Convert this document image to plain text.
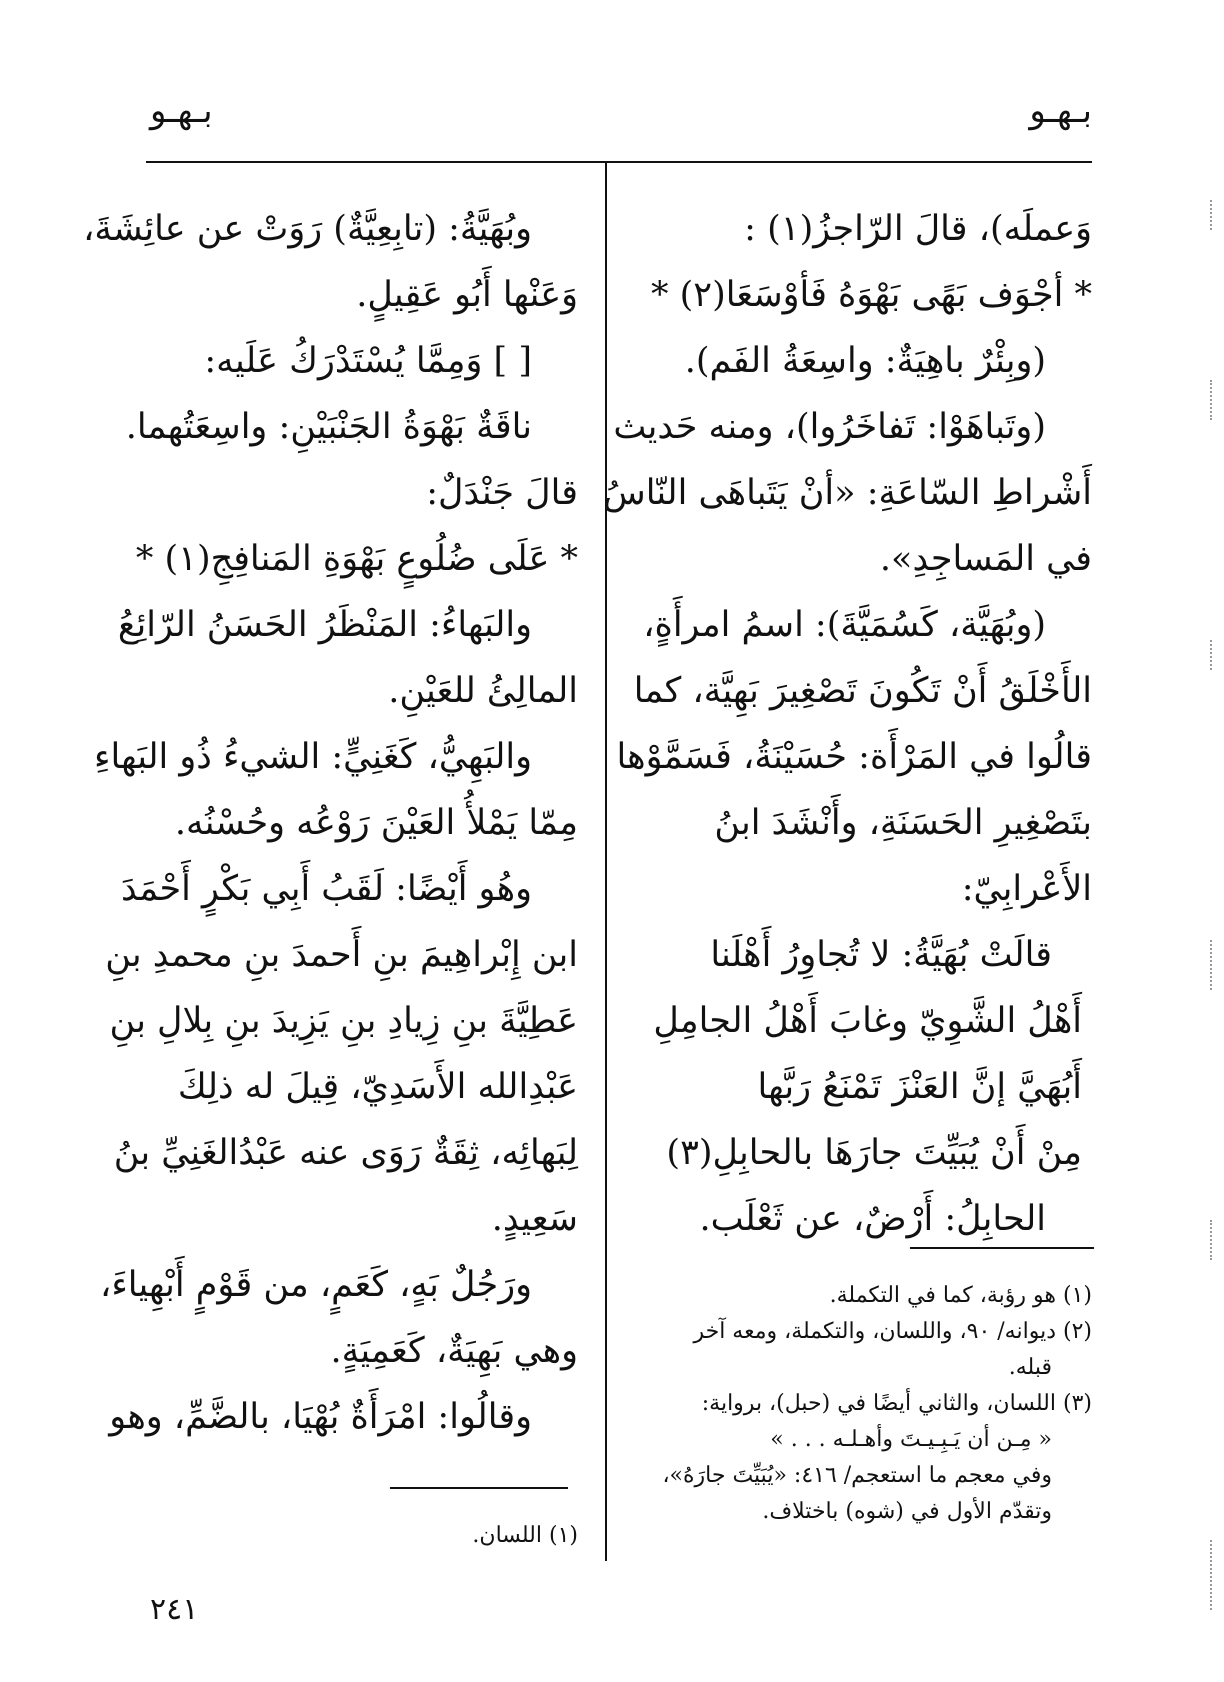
بـهـو
بـهـو
وَعملَه)، قالَ الرّاجزُ(١) :
* أجْوَف بَهًى بَهْوَهُ فَأوْسَعَا(٢) *
(وبِئْرٌ باهِيَةٌ: واسِعَةُ الفَم).
(وتَباهَوْا: تَفاخَرُوا)، ومنه حَديث
أَشْراطِ السّاعَةِ: «أنْ يَتَباهَى النّاسُ
في المَساجِدِ».
(وبُهَيَّة، كَسُمَيَّةَ): اسمُ امرأَةٍ،
الأَخْلَقُ أَنْ تَكُونَ تَصْغِيرَ بَهِيَّة، كما
قالُوا في المَرْأَة: حُسَيْنَةُ، فَسَمَّوْها
بتَصْغِيرِ الحَسَنَةِ، وأَنْشَدَ ابنُ
الأَعْرابِيّ:
قالَتْ بُهَيَّةُ: لا تُجاوِرُ أَهْلَنا
أَهْلُ الشَّوِيّ وغابَ أَهْلُ الجامِلِ
أَبُهَيَّ إنَّ العَنْزَ تَمْنَعُ رَبَّها
مِنْ أَنْ يُبَيِّتَ جارَهَا بالحابِلِ(٣)
الحابِلُ: أَرْضٌ، عن ثَعْلَب.
(١) هو رؤبة، كما في التكملة.
(٢) ديوانه/ ٩٠، واللسان، والتكملة، ومعه آخر
قبله.
(٣) اللسان، والثاني أيضًا في (حبل)، برواية:
« مِـن أن يَـبِـيـتَ وأهـلـه . . . »
وفي معجم ما استعجم/ ٤١٦: «يُبَيِّتَ جارَهُ»،
وتقدّم الأول في (شوه) باختلاف.
وبُهَيَّةُ: (تابِعِيَّةٌ) رَوَتْ عن عائِشَةَ،
وَعَنْها أَبُو عَقِيلٍ.
[ ] وَمِمَّا يُسْتَدْرَكُ عَلَيه:
ناقَةٌ بَهْوَةُ الجَنْبَيْنِ: واسِعَتُهما.
قالَ جَنْدَلٌ:
* عَلَى ضُلُوعٍ بَهْوَةِ المَنافِجِ(١) *
والبَهاءُ: المَنْظَرُ الحَسَنُ الرّائِعُ
المالِئُ للعَيْنِ.
والبَهِيُّ، كَغَنِيٍّ: الشيءُ ذُو البَهاءِ
مِمّا يَمْلأُ العَيْنَ رَوْعُه وحُسْنُه.
وهُو أَيْضًا: لَقَبُ أَبِي بَكْرٍ أَحْمَدَ
ابن إِبْراهِيمَ بنِ أَحمدَ بنِ محمدِ بنِ
عَطِيَّةَ بنِ زِيادِ بنِ يَزِيدَ بنِ بِلالِ بنِ
عَبْدِالله الأَسَدِيّ، قِيلَ له ذلِكَ
لِبَهائِه، ثِقَةٌ رَوَى عنه عَبْدُالغَنِيِّ بنُ
سَعِيدٍ.
ورَجُلٌ بَهٍ، كَعَمٍ، من قَوْمٍ أَبْهِياءَ،
وهي بَهِيَةٌ، كَعَمِيَةٍ.
وقالُوا: امْرَأَةٌ بُهْيَا، بالضَّمِّ، وهو
(١) اللسان.
٢٤١
